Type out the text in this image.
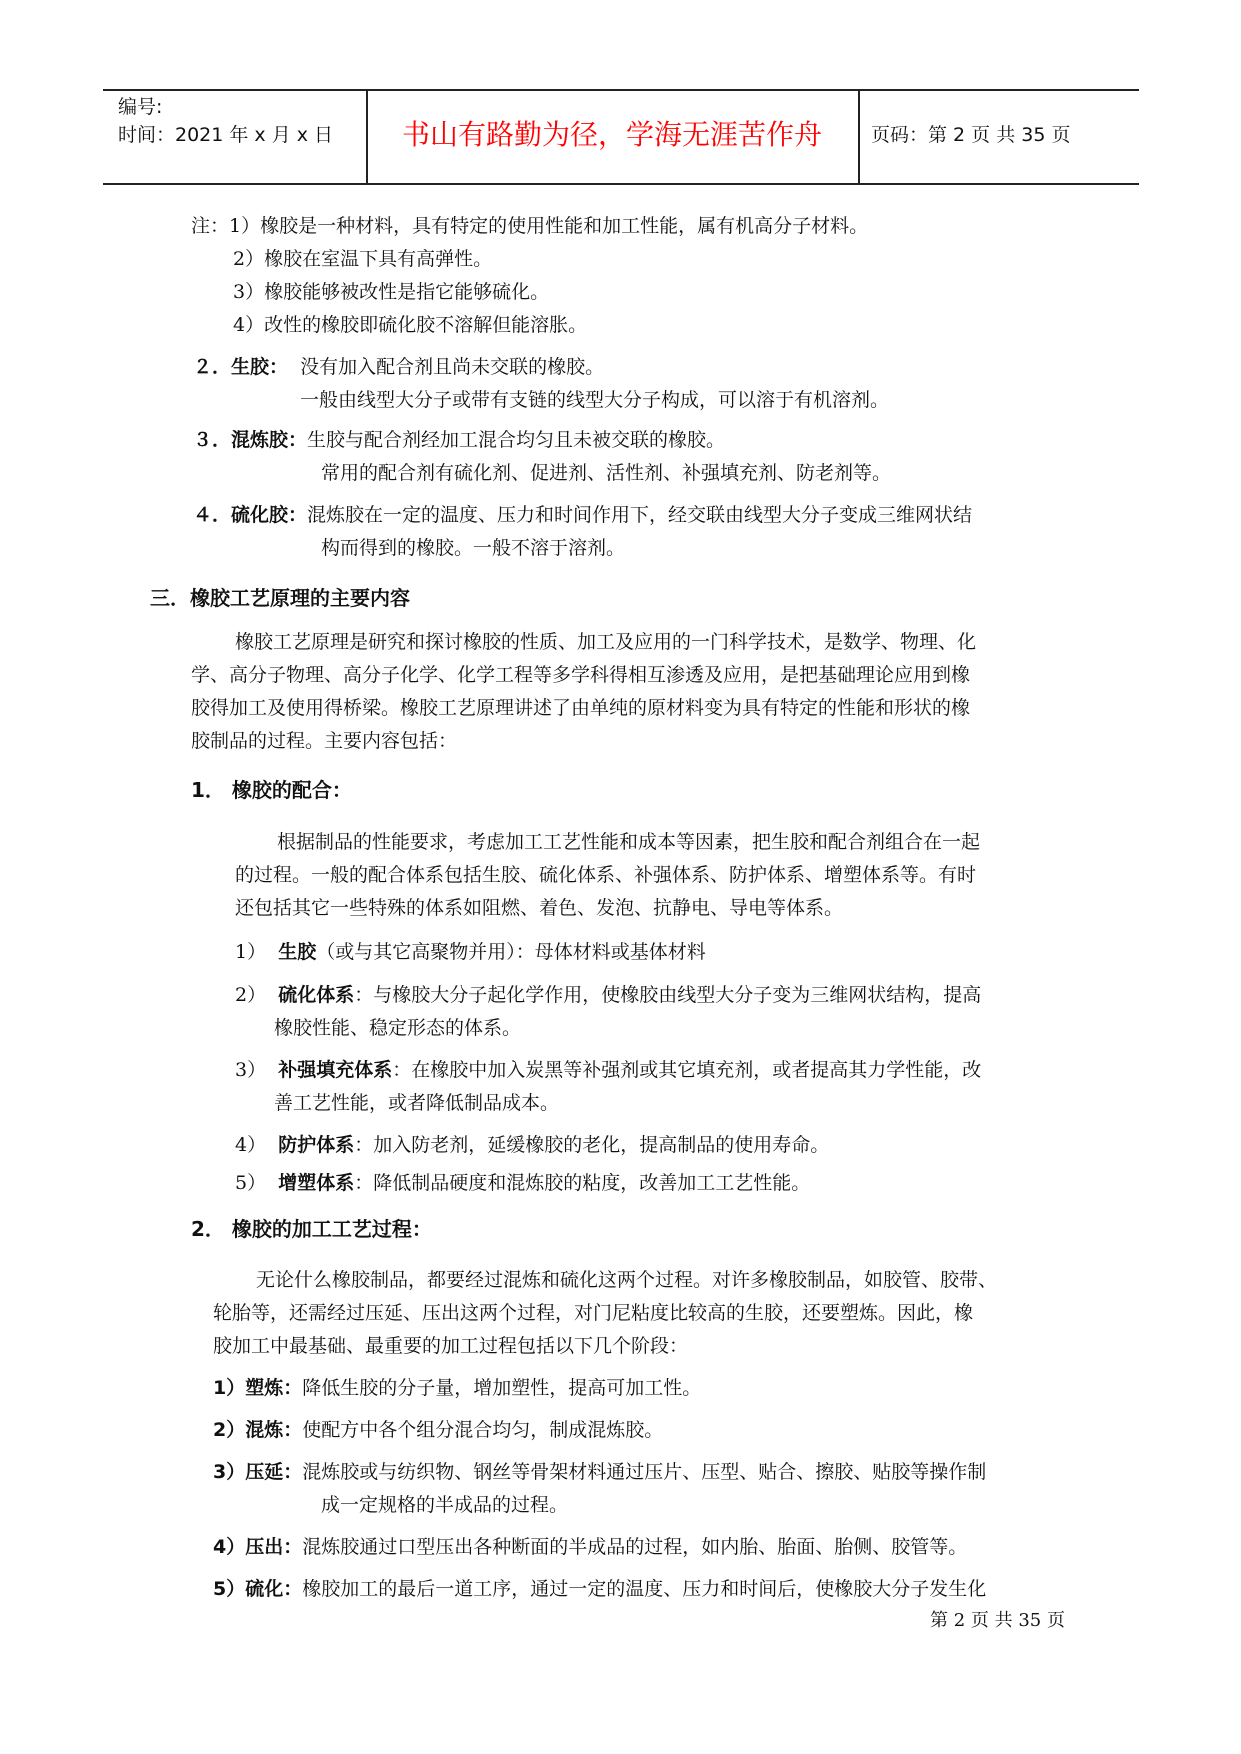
编号:
时间：2021 年 x 月 x 日	书山有路勤为径，学海无涯苦作舟	页码：第 2 页 共 35 页
注：1）橡胶是一种材料，具有特定的使用性能和加工性能，属有机高分子材料。
2）橡胶在室温下具有高弹性。
3）橡胶能够被改性是指它能够硫化。
4）改性的橡胶即硫化胶不溶解但能溶胀。
２．生胶： 没有加入配合剂且尚未交联的橡胶。
一般由线型大分子或带有支链的线型大分子构成，可以溶于有机溶剂。
３．混炼胶：生胶与配合剂经加工混合均匀且未被交联的橡胶。
常用的配合剂有硫化剂、促进剂、活性剂、补强填充剂、防老剂等。
４．硫化胶：混炼胶在一定的温度、压力和时间作用下，经交联由线型大分子变成三维网状结
构而得到的橡胶。一般不溶于溶剂。
三．橡胶工艺原理的主要内容
橡胶工艺原理是研究和探讨橡胶的性质、加工及应用的一门科学技术，是数学、物理、化
学、高分子物理、高分子化学、化学工程等多学科得相互渗透及应用，是把基础理论应用到橡
胶得加工及使用得桥梁。橡胶工艺原理讲述了由单纯的原材料变为具有特定的性能和形状的橡
胶制品的过程。主要内容包括：
1． 橡胶的配合：
根据制品的性能要求，考虑加工工艺性能和成本等因素，把生胶和配合剂组合在一起
的过程。一般的配合体系包括生胶、硫化体系、补强体系、防护体系、增塑体系等。有时
还包括其它一些特殊的体系如阻燃、着色、发泡、抗静电、导电等体系。
1） 生胶（或与其它高聚物并用）：母体材料或基体材料
2） 硫化体系：与橡胶大分子起化学作用，使橡胶由线型大分子变为三维网状结构，提高
橡胶性能、稳定形态的体系。
3） 补强填充体系：在橡胶中加入炭黑等补强剂或其它填充剂，或者提高其力学性能，改
善工艺性能，或者降低制品成本。
4） 防护体系：加入防老剂，延缓橡胶的老化，提高制品的使用寿命。
5） 增塑体系：降低制品硬度和混炼胶的粘度，改善加工工艺性能。
2． 橡胶的加工工艺过程：
无论什么橡胶制品，都要经过混炼和硫化这两个过程。对许多橡胶制品，如胶管、胶带、
轮胎等，还需经过压延、压出这两个过程，对门尼粘度比较高的生胶，还要塑炼。因此，橡
胶加工中最基础、最重要的加工过程包括以下几个阶段：
1）塑炼：降低生胶的分子量，增加塑性，提高可加工性。
2）混炼：使配方中各个组分混合均匀，制成混炼胶。
3）压延：混炼胶或与纺织物、钢丝等骨架材料通过压片、压型、贴合、擦胶、贴胶等操作制
成一定规格的半成品的过程。
4）压出：混炼胶通过口型压出各种断面的半成品的过程，如内胎、胎面、胎侧、胶管等。
5）硫化：橡胶加工的最后一道工序，通过一定的温度、压力和时间后，使橡胶大分子发生化
第 2 页 共 35 页
